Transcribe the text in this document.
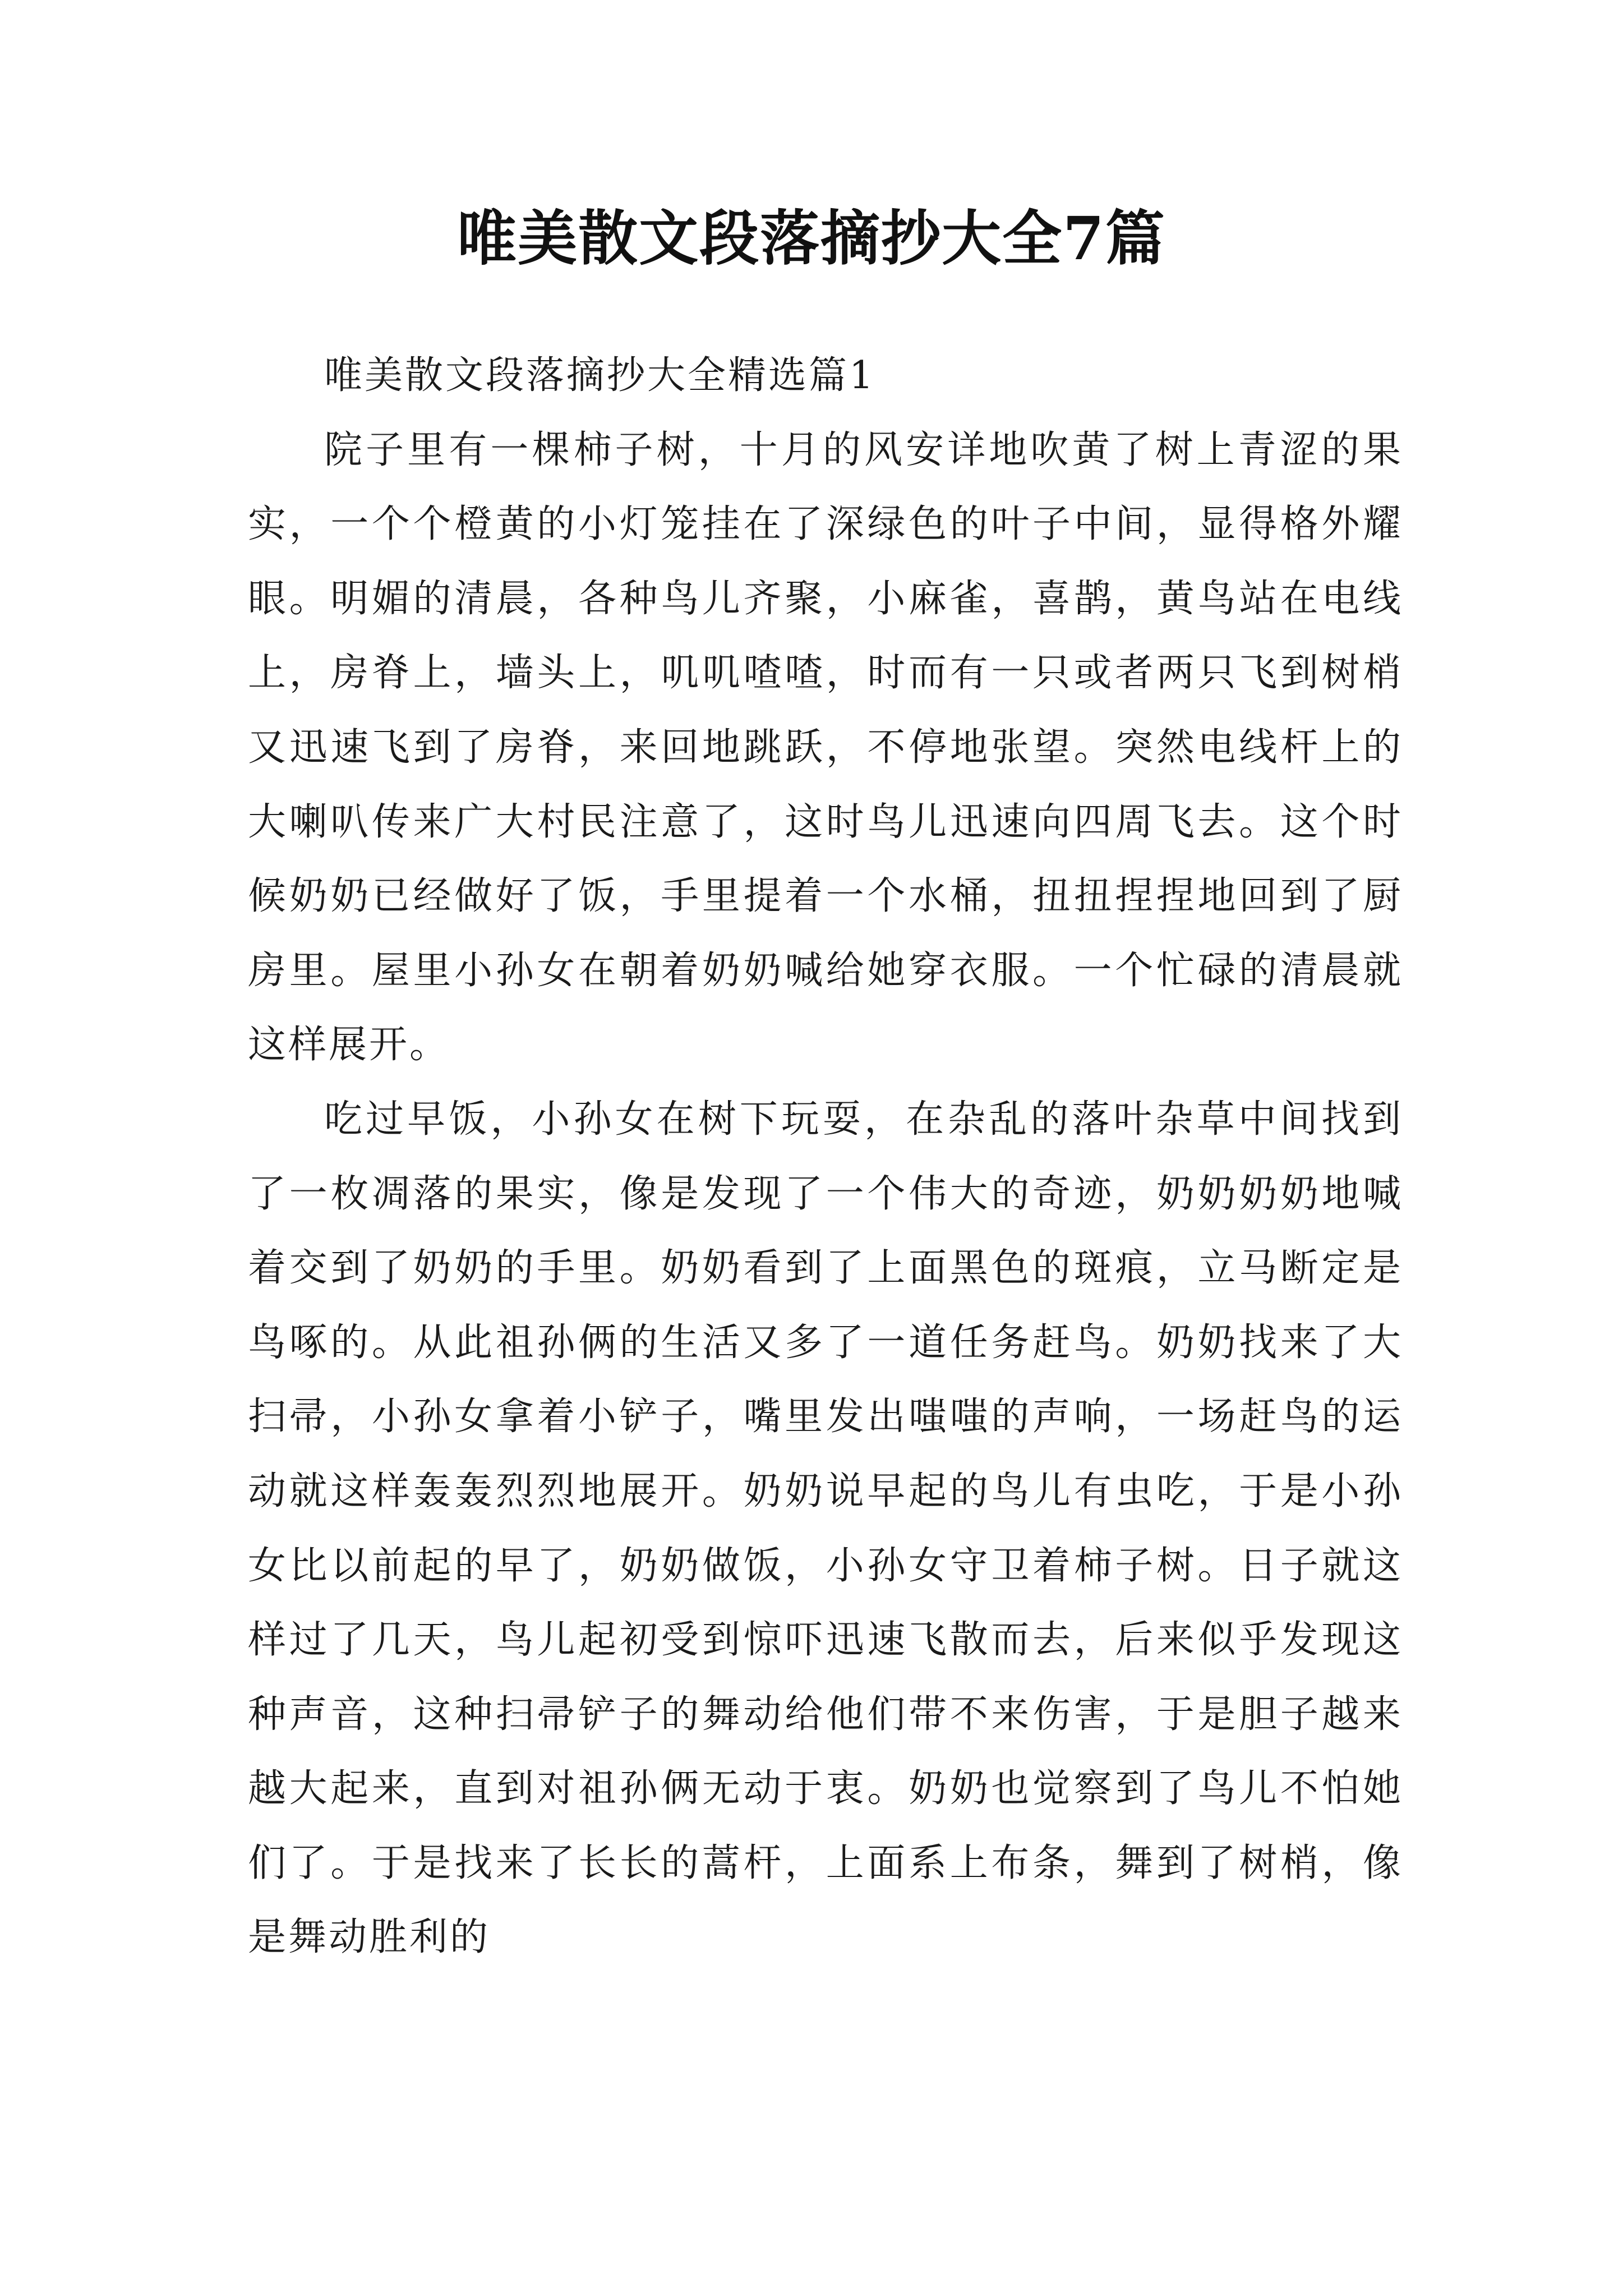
唯美散文段落摘抄大全7篇

唯美散文段落摘抄大全精选篇1

院子里有一棵柿子树，十月的风安详地吹黄了树上青涩的果实，一个个橙黄的小灯笼挂在了深绿色的叶子中间，显得格外耀眼。明媚的清晨，各种鸟儿齐聚，小麻雀，喜鹊，黄鸟站在电线上，房脊上，墙头上，叽叽喳喳，时而有一只或者两只飞到树梢又迅速飞到了房脊，来回地跳跃，不停地张望。突然电线杆上的大喇叭传来广大村民注意了，这时鸟儿迅速向四周飞去。这个时候奶奶已经做好了饭，手里提着一个水桶，扭扭捏捏地回到了厨房里。屋里小孙女在朝着奶奶喊给她穿衣服。一个忙碌的清晨就这样展开。

吃过早饭，小孙女在树下玩耍，在杂乱的落叶杂草中间找到了一枚凋落的果实，像是发现了一个伟大的奇迹，奶奶奶奶地喊着交到了奶奶的手里。奶奶看到了上面黑色的斑痕，立马断定是鸟啄的。从此祖孙俩的生活又多了一道任务赶鸟。奶奶找来了大扫帚，小孙女拿着小铲子，嘴里发出嗤嗤的声响，一场赶鸟的运动就这样轰轰烈烈地展开。奶奶说早起的鸟儿有虫吃，于是小孙女比以前起的早了，奶奶做饭，小孙女守卫着柿子树。日子就这样过了几天，鸟儿起初受到惊吓迅速飞散而去，后来似乎发现这种声音，这种扫帚铲子的舞动给他们带不来伤害，于是胆子越来越大起来，直到对祖孙俩无动于衷。奶奶也觉察到了鸟儿不怕她们了。于是找来了长长的蒿杆，上面系上布条，舞到了树梢，像是舞动胜利的
